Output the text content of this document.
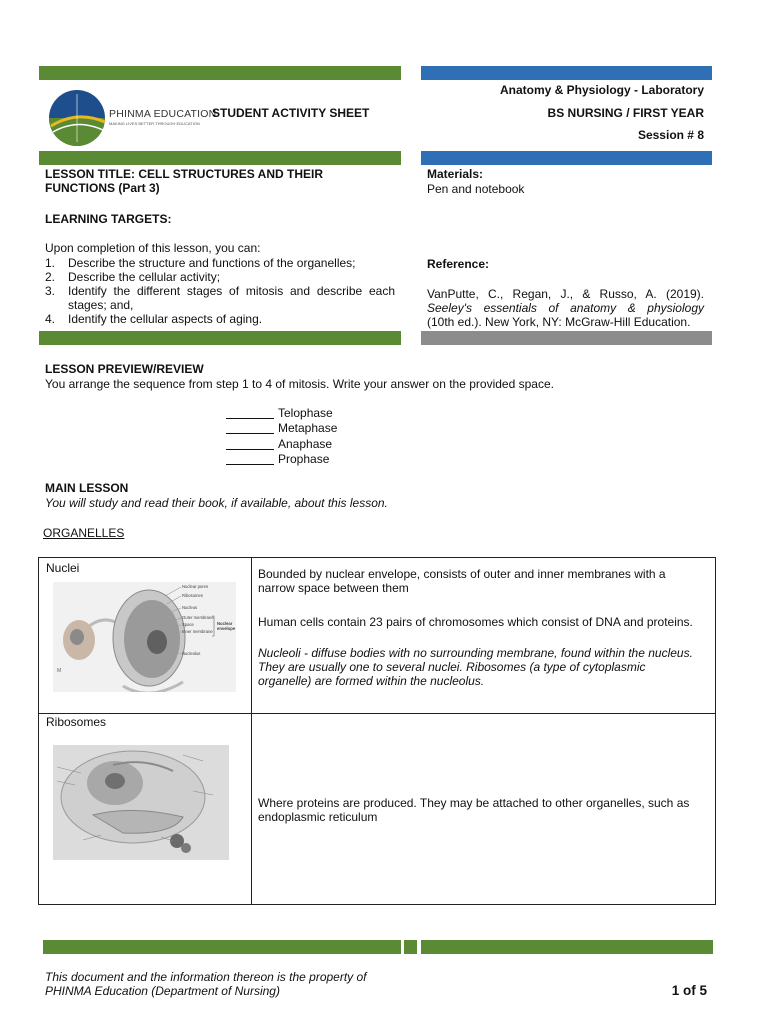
PHINMA EDUCATION
MAKING LIVES BETTER THROUGH EDUCATION
STUDENT ACTIVITY SHEET
Anatomy & Physiology - Laboratory
BS NURSING / FIRST YEAR
Session # 8
LESSON TITLE: CELL STRUCTURES AND THEIR
FUNCTIONS (Part 3)
LEARNING TARGETS:
Upon completion of this lesson, you can:
1. Describe the structure and functions of the organelles;
2. Describe the cellular activity;
3. Identify the different stages of mitosis and describe each stages; and,
4. Identify the cellular aspects of aging.
Materials:
Pen and notebook
Reference:
VanPutte, C., Regan, J., & Russo, A. (2019).
Seeley's essentials of anatomy & physiology
(10th ed.). New York, NY: McGraw-Hill Education.
LESSON PREVIEW/REVIEW
You arrange the sequence from step 1 to 4 of mitosis. Write your answer on the provided space.
Telophase
Metaphase
Anaphase
Prophase
MAIN LESSON
You will study and read their book, if available, about this lesson.
ORGANELLES
Nuclei
M
Nuclear pores
Ribosomes
Nucleus
Outer membrane
Space
Inner membrane
Nucleolus
Nuclear
envelope
Bounded by nuclear envelope, consists of outer and inner membranes with a narrow space between them
Human cells contain 23 pairs of chromosomes which consist of DNA and proteins.
Nucleoli - diffuse bodies with no surrounding membrane, found within the nucleus. They are usually one to several nuclei. Ribosomes (a type of cytoplasmic organelle) are formed within the nucleolus.
Ribosomes
Where proteins are produced. They may be attached to other organelles, such as endoplasmic reticulum
This document and the information thereon is the property of
PHINMA Education (Department of Nursing)	1 of 5
